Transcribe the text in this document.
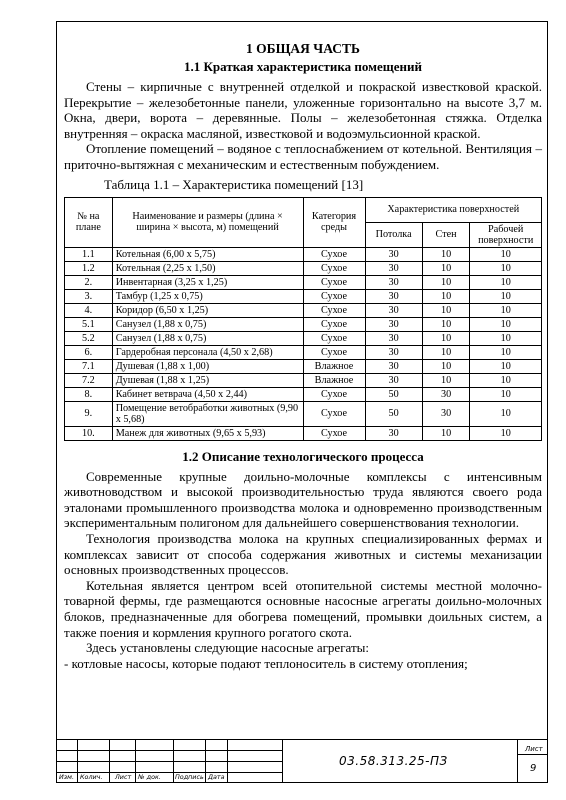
1 ОБЩАЯ ЧАСТЬ
1.1 Краткая характеристика помещений

Стены – кирпичные с внутренней отделкой и покраской известковой краской. Перекрытие – железобетонные панели, уложенные горизонтально на высоте 3,7 м. Окна, двери, ворота – деревянные. Полы – железобетонная стяжка. Отделка внутренняя – окраска масляной, известковой и водоэмульсионной краской.

Отопление помещений – водяное с теплоснабжением от котельной. Вентиляция – приточно-вытяжная с механическим и естественным побуждением.

Таблица 1.1 – Характеристика помещений [13]
№ на плане	Наименование и размеры (длина × ширина × высота, м) помещений	Категория среды	Характеристика поверхностей		
			Потолка	Стен	Рабочей поверхности
1.1	Котельная (6,00 х 5,75)	Сухое	30	10	10
1.2	Котельная (2,25 х 1,50)	Сухое	30	10	10
2.	Инвентарная (3,25 х 1,25)	Сухое	30	10	10
3.	Тамбур (1,25 х 0,75)	Сухое	30	10	10
4.	Коридор (6,50 х 1,25)	Сухое	30	10	10
5.1	Санузел (1,88 х 0,75)	Сухое	30	10	10
5.2	Санузел (1,88 х 0,75)	Сухое	30	10	10
6.	Гардеробная персонала (4,50 х 2,68)	Сухое	30	10	10
7.1	Душевая (1,88 х 1,00)	Влажное	30	10	10
7.2	Душевая (1,88 х 1,25)	Влажное	30	10	10
8.	Кабинет ветврача (4,50 х 2,44)	Сухое	50	30	10
9.	Помещение ветобработки животных (9,90 х 5,68)	Сухое	50	30	10
10.	Манеж для животных (9,65 х 5,93)	Сухое	30	10	10
1.2 Описание технологического процесса

Современные крупные доильно-молочные комплексы с интенсивным животноводством и высокой производительностью труда являются своего рода эталонами промышленного производства молока и одновременно производственным экспериментальным полигоном для дальнейшего совершенствования технологии.

Технология производства молока на крупных специализированных фермах и комплексах зависит от способа содержания животных и системы механизации основных производственных процессов.

Котельная является центром всей отопительной системы местной молочно-товарной фермы, где размещаются основные насосные агрегаты доильно-молочных блоков, предназначенные для обогрева помещений, промывки доильных систем, а также поения и кормления крупного рогатого скота.

Здесь установлены следующие насосные агрегаты:

- котловые насосы, которые подают теплоноситель в систему отопления;

Изм. Колич. Лист № док. Подпись Дата
03.58.313.25-ПЗ
Лист
9
